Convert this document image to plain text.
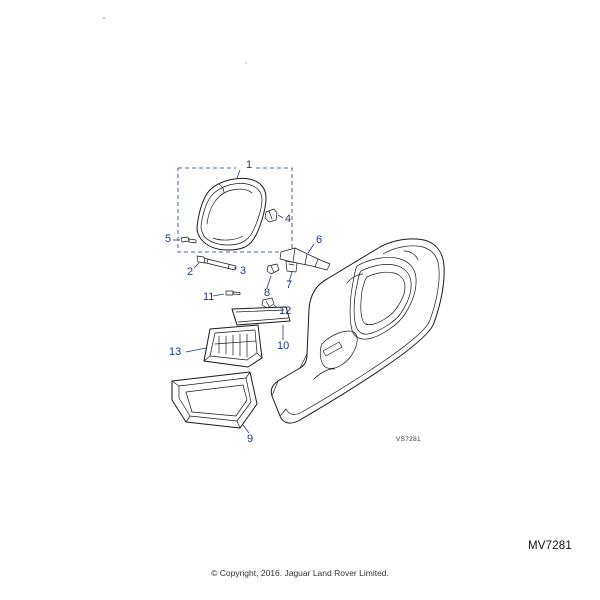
1
2	3
4
5	6
7
8
9
10
11
12
13
VS7281
MV7281
© Copyright, 2016. Jaguar Land Rover Limited.
